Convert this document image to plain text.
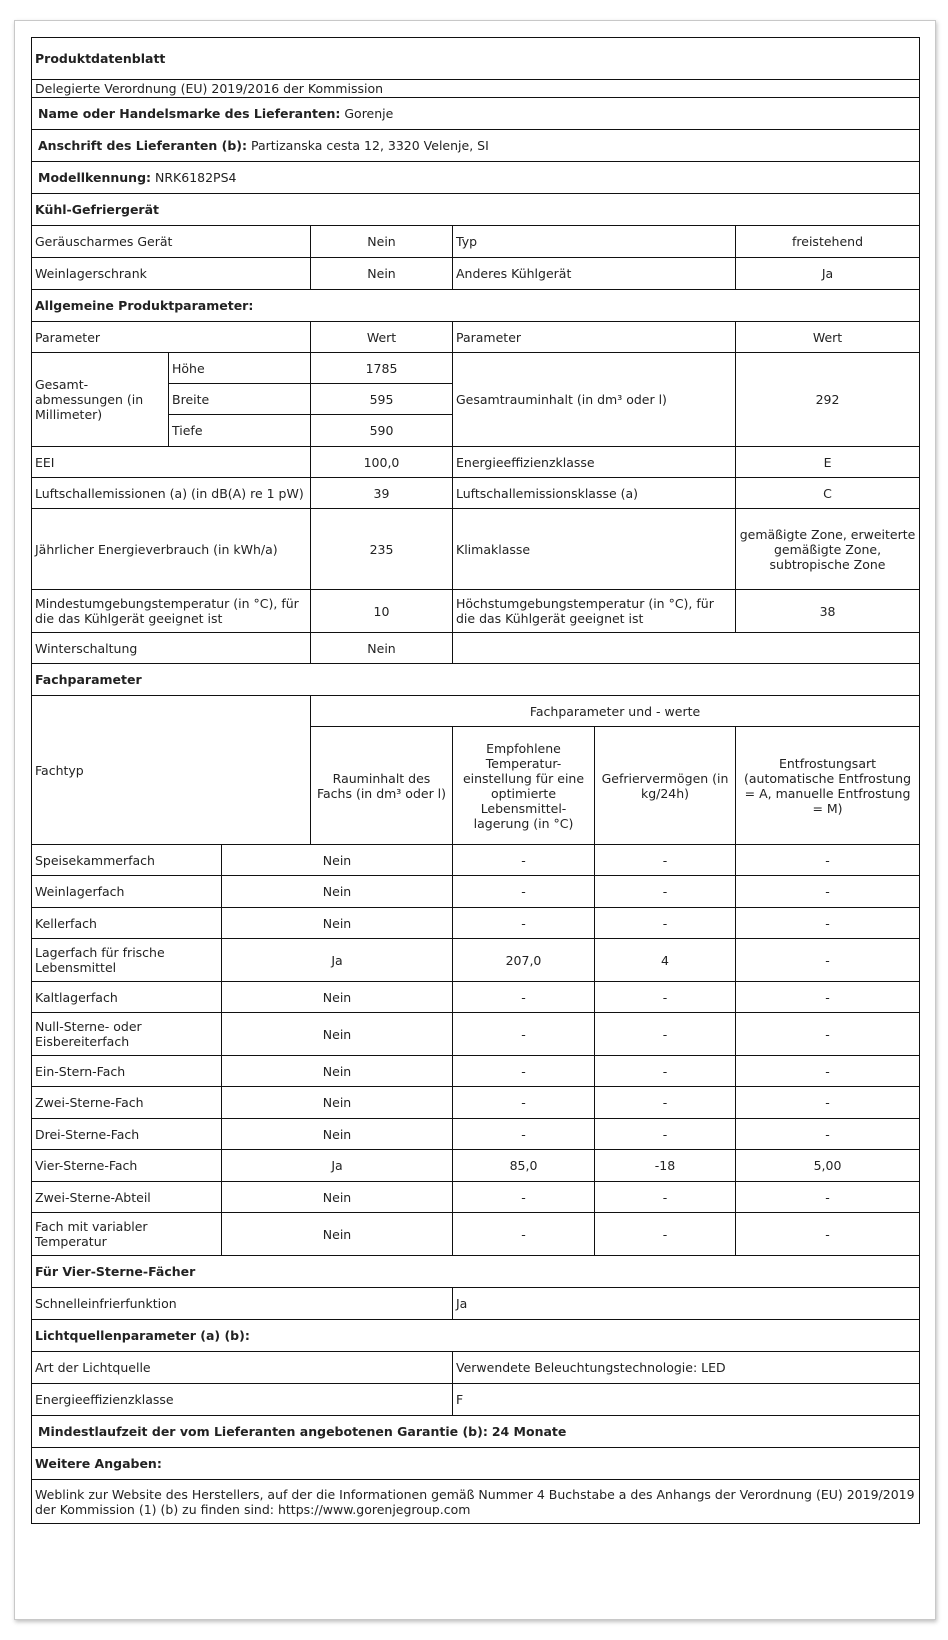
Produktdatenblatt							
Delegierte Verordnung (EU) 2019/2016 der Kommission							
Name oder Handelsmarke des Lieferanten: Gorenje							
Anschrift des Lieferanten (b): Partizanska cesta 12, 3320 Velenje, SI							
Modellkennung: NRK6182PS4							
Kühl-Gefriergerät							
Geräuscharmes Gerät			Nein	Typ		freistehend	
Weinlagerschrank			Nein	Anderes Kühlgerät		Ja	
Allgemeine Produktparameter:							
Parameter			Wert	Parameter		Wert	
Gesamt-abmessungen (in Millimeter)	Höhe		1785	Gesamtrauminhalt (in dm³ oder l)		292	
	Breite		595				
	Tiefe		590				
EEI			100,0	Energieeffizienzklasse		E	
Luftschallemissionen (a) (in dB(A) re 1 pW)			39	Luftschallemissionsklasse (a)		C	
Jährlicher Energieverbrauch (in kWh/a)			235	Klimaklasse		gemäßigte Zone, erweiterte gemäßigte Zone, subtropische Zone	
Mindestumgebungstemperatur (in °C), für die das Kühlgerät geeignet ist			10	Höchstumgebungstemperatur (in °C), für die das Kühlgerät geeignet ist		38	
Winterschaltung			Nein				
Fachparameter							
Fachtyp			Fachparameter und - werte				
			Rauminhalt des Fachs (in dm³ oder l)	Empfohlene Temperatur-einstellung für eine optimierte Lebensmittel-lagerung (in °C)	Gefriervermögen (in kg/24h)	Entfrostungsart (automatische Entfrostung = A, manuelle Entfrostung = M)	
Speisekammerfach		Nein		-	-	-	
Weinlagerfach		Nein		-	-	-	
Kellerfach		Nein		-	-	-	
Lagerfach für frische Lebensmittel		Ja		207,0	4	-	
Kaltlagerfach		Nein		-	-	-	
Null-Sterne- oder Eisbereiterfach		Nein		-	-	-	
Ein-Stern-Fach		Nein		-	-	-	
Zwei-Sterne-Fach		Nein		-	-	-	
Drei-Sterne-Fach		Nein		-	-	-	
Vier-Sterne-Fach		Ja		85,0	-18	5,00	
Zwei-Sterne-Abteil		Nein		-	-	-	
Fach mit variabler Temperatur		Nein		-	-	-	
Für Vier-Sterne-Fächer							
Schnelleinfrierfunktion				Ja			
Lichtquellenparameter (a) (b):							
Art der Lichtquelle				Verwendete Beleuchtungstechnologie: LED			
Energieeffizienzklasse				F			
Mindestlaufzeit der vom Lieferanten angebotenen Garantie (b): 24 Monate							
Weitere Angaben:							
Weblink zur Website des Herstellers, auf der die Informationen gemäß Nummer 4 Buchstabe a des Anhangs der Verordnung (EU) 2019/2019 der Kommission (1) (b) zu finden sind: https://www.gorenjegroup.com							
